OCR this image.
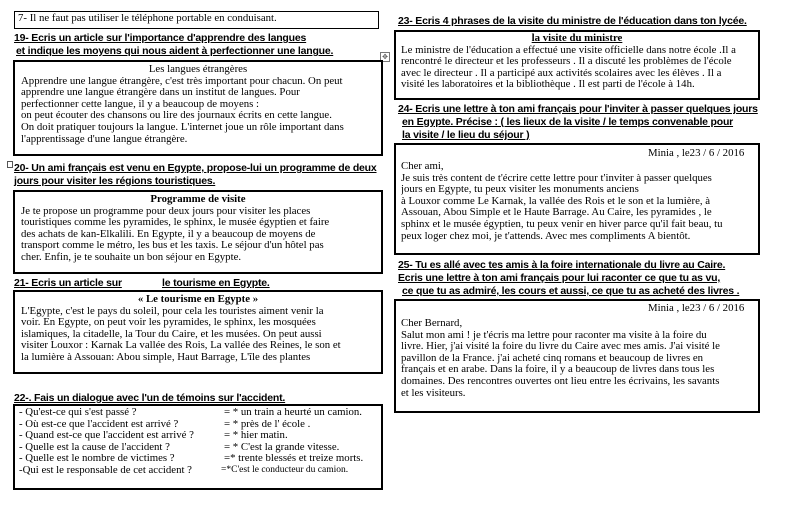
7- Il ne faut pas utiliser le téléphone portable en conduisant.
19- Ecris un article sur l'importance d'apprendre des langues
et indique les moyens qui nous aident à perfectionner une langue.	✥
Les langues étrangères
Apprendre une langue étrangère, c'est très important pour chacun. On peut
apprendre une langue étrangère dans un institut de langues. Pour
perfectionner cette langue, il y a beaucoup de moyens :
on peut écouter des chansons ou lire des journaux écrits en cette langue.
On doit pratiquer toujours la langue. L'internet joue un rôle important dans
l'apprentissage d'une langue étrangère.
20- Un ami français est venu en Egypte, propose-lui un programme de deux
jours pour visiter les régions touristiques.
Programme de visite
Je te propose un programme pour deux jours pour visiter les places
touristiques comme les pyramides, le sphinx, le musée égyptien et faire
des achats de kan-Elkalili. En Egypte, il y a beaucoup de moyens de
transport comme le métro, les bus et les taxis. Le séjour d'un hôtel pas
cher. Enfin, je te souhaite un bon séjour en Egypte.
21- Ecris un article sur	le tourisme en Egypte.
« Le tourisme en Egypte »
L'Egypte, c'est le pays du soleil, pour cela les touristes aiment venir la
voir. En Egypte, on peut voir les pyramides, le sphinx, les mosquées
islamiques, la citadelle, la Tour du Caire, et les musées. On peut aussi
visiter Louxor : Karnak La vallée des Rois, La vallée des Reines, le son et
la lumière à Assouan: Abou simple, Haut Barrage, L'île des plantes
22-. Fais un dialogue avec l'un de témoins sur l'accident.
- Qu'est-ce qui s'est passé ?	= * un train a heurté un camion.
- Où est-ce que l'accident est arrivé ?	= * près de l' école .
- Quand est-ce que l'accident est arrivé ?	= * hier matin.
- Quelle est la cause de l'accident ?	= * C'est la grande vitesse.
- Quelle est le nombre de victimes ?	=* trente blessés et treize morts.
-Qui est le responsable de cet accident ?	=*C'est le conducteur du camion.
23- Ecris 4 phrases de la visite du ministre de l'éducation dans ton lycée.
la visite du ministre
Le ministre de l'éducation a effectué une visite officielle dans notre école .Il a
rencontré le directeur et les professeurs . Il a discuté les problèmes de l'école
avec le directeur . Il a participé aux activités scolaires avec les élèves . Il a
visité les laboratoires et la bibliothèque . Il est parti de l'école à 14h.
24- Ecris une lettre à ton ami français pour l'inviter à passer quelques jours
en Egypte. Précise : ( les lieux de la visite / le temps convenable pour
la visite / le lieu du séjour )
Minia , le23 / 6 / 2016
Cher ami,
Je suis très content de t'écrire cette lettre pour t'inviter à passer quelques
jours en Egypte, tu peux visiter les monuments anciens
à Louxor comme Le Karnak, la vallée des Rois et le son et la lumière, à
Assouan, Abou Simple et le Haute Barrage. Au Caire, les pyramides , le
sphinx et le musée égyptien, tu peux venir en hiver parce qu'il fait beau, tu
peux loger chez moi, je t'attends. Avec mes compliments A bientôt.
25- Tu es allé avec tes amis à la foire internationale du livre au Caire.
Ecris une lettre à ton ami français pour lui raconter ce que tu as vu,
ce que tu as admiré, les cours et aussi, ce que tu as acheté des livres .
Minia , le23 / 6 / 2016
Cher Bernard,
Salut mon ami ! je t'écris ma lettre pour raconter ma visite à la foire du
livre. Hier, j'ai visité la foire du livre du Caire avec mes amis. J'ai visité le
pavillon de la France. j'ai acheté cinq romans et beaucoup de livres en
français et en arabe. Dans la foire, il y a beaucoup de livres dans tous les
domaines. Des rencontres ouvertes ont lieu entre les écrivains, les savants
et les visiteurs.
